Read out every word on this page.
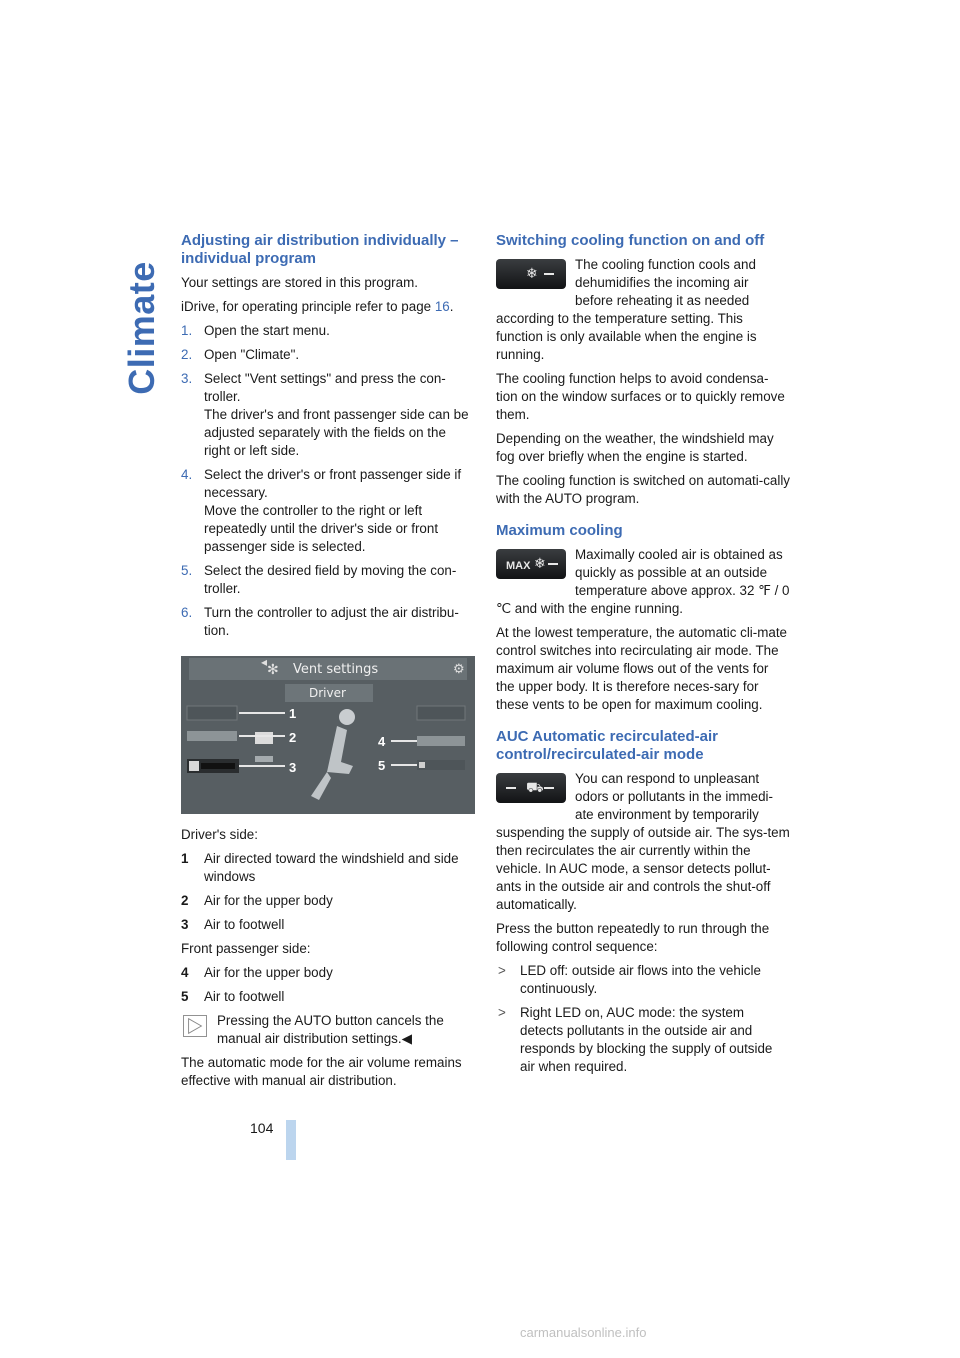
Climate
Adjusting air distribution individually – individual program

Your settings are stored in this program.

iDrive, for operating principle refer to page 16.

1. Open the start menu.
2. Open "Climate".
3. Select "Vent settings" and press the con-troller.
The driver's and front passenger side can be adjusted separately with the fields on the right or left side.
4. Select the driver's or front passenger side if necessary.
Move the controller to the right or left repeatedly until the driver's side or front passenger side is selected.
5. Select the desired field by moving the con-troller.
6. Turn the controller to adjust the air distribu-tion.
◂ ✻ Vent settings	⚙
Driver
1
2
3
4
5

Driver's side:

1 Air directed toward the windshield and side windows
2 Air for the upper body
3 Air to footwell

Front passenger side:

4 Air for the upper body
5 Air to footwell

Pressing the AUTO button cancels the manual air distribution settings.◀

The automatic mode for the air volume remains effective with manual air distribution.

Switching cooling function on and off
❄

The cooling function cools and dehumidifies the incoming air before reheating it as needed according to the temperature setting. This function is only available when the engine is running.

The cooling function helps to avoid condensa-tion on the window surfaces or to quickly remove them.

Depending on the weather, the windshield may fog over briefly when the engine is started.

The cooling function is switched on automati-cally with the AUTO program.

Maximum cooling
MAX ❄

Maximally cooled air is obtained as quickly as possible at an outside temperature above approx. 32 ℉ / 0 ℃ and with the engine running.

At the lowest temperature, the automatic cli-mate control switches into recirculating air mode. The maximum air volume flows out of the vents for the upper body. It is therefore neces-sary for these vents to be open for maximum cooling.

AUC Automatic recirculated-air control/recirculated-air mode
⛟

You can respond to unpleasant odors or pollutants in the immedi-ate environment by temporarily suspending the supply of outside air. The sys-tem then recirculates the air currently within the vehicle. In AUC mode, a sensor detects pollut-ants in the outside air and controls the shut-off automatically.

Press the button repeatedly to run through the following control sequence:

> LED off: outside air flows into the vehicle continuously.
> Right LED on, AUC mode: the system detects pollutants in the outside air and responds by blocking the supply of outside air when required.
104
carmanualsonline.info
